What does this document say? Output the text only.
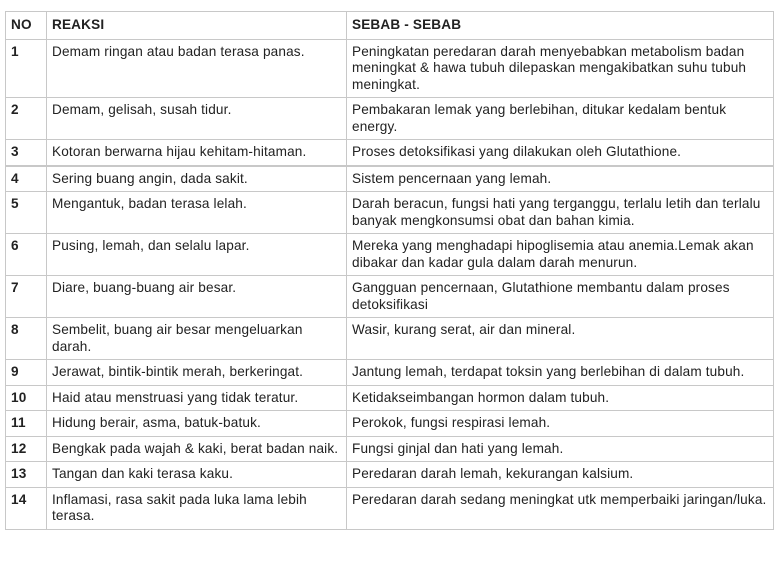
NO	REAKSI	SEBAB - SEBAB
1	Demam ringan atau badan terasa panas.	Peningkatan peredaran darah menyebabkan metabolism badan meningkat & hawa tubuh dilepaskan mengakibatkan suhu tubuh meningkat.
2	Demam, gelisah, susah tidur.	Pembakaran lemak yang berlebihan, ditukar kedalam bentuk energy.
3	Kotoran berwarna hijau kehitam-hitaman.	Proses detoksifikasi yang dilakukan oleh Glutathione.
4	Sering buang angin, dada sakit.	Sistem pencernaan yang lemah.
5	Mengantuk, badan terasa lelah.	Darah beracun, fungsi hati yang terganggu, terlalu letih dan terlalu banyak mengkonsumsi obat dan bahan kimia.
6	Pusing, lemah, dan selalu lapar.	Mereka yang menghadapi hipoglisemia atau anemia.Lemak akan dibakar dan kadar gula dalam darah menurun.
7	Diare, buang-buang air besar.	Gangguan pencernaan, Glutathione membantu dalam proses detoksifikasi
8	Sembelit, buang air besar mengeluarkan darah.	Wasir, kurang serat, air dan mineral.
9	Jerawat, bintik-bintik merah, berkeringat.	Jantung lemah, terdapat toksin yang berlebihan di dalam tubuh.
10	Haid atau menstruasi yang tidak teratur.	Ketidakseimbangan hormon dalam tubuh.
11	Hidung berair, asma, batuk-batuk.	Perokok, fungsi respirasi lemah.
12	Bengkak pada wajah & kaki, berat badan naik.	Fungsi ginjal dan hati yang lemah.
13	Tangan dan kaki terasa kaku.	Peredaran darah lemah, kekurangan kalsium.
14	Inflamasi, rasa sakit pada luka lama lebih terasa.	Peredaran darah sedang meningkat utk memperbaiki jaringan/luka.
